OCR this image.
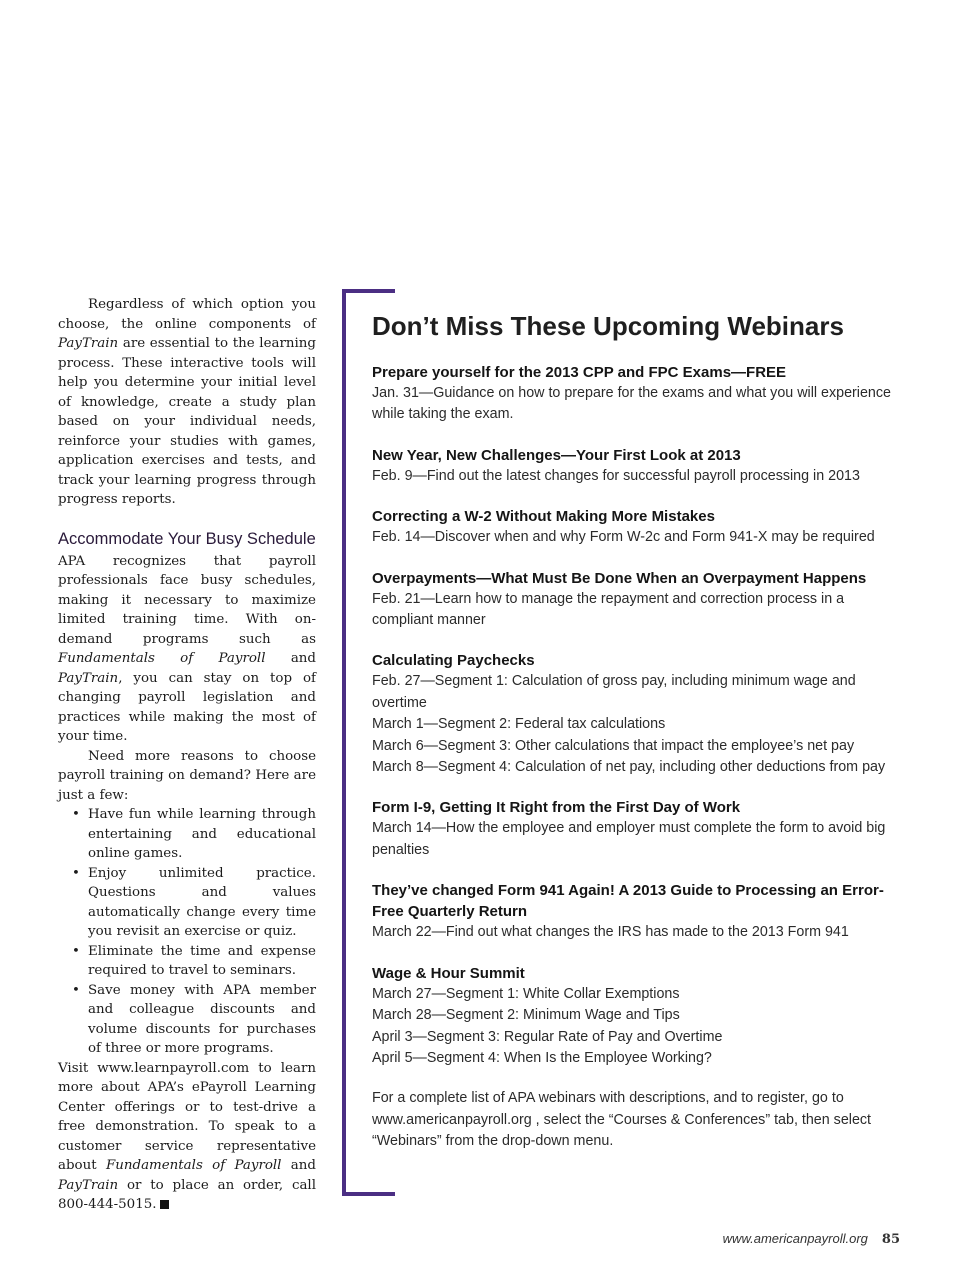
Regardless of which option you choose, the online components of PayTrain are essential to the learning process. These interactive tools will help you determine your initial level of knowledge, create a study plan based on your individual needs, reinforce your studies with games, application exercises and tests, and track your learning progress through progress reports.

Accommodate Your Busy Schedule

APA recognizes that payroll professionals face busy schedules, making it necessary to maximize limited training time. With on-demand programs such as Fundamentals of Payroll and PayTrain, you can stay on top of changing payroll legislation and practices while making the most of your time.

Need more reasons to choose payroll training on demand? Here are just a few:

• Have fun while learning through entertaining and educational online games.
• Enjoy unlimited practice. Questions and values automatically change every time you revisit an exercise or quiz.
• Eliminate the time and expense required to travel to seminars.
• Save money with APA member and colleague discounts and volume discounts for purchases of three or more programs.

Visit www.learnpayroll.com to learn more about APA’s ePayroll Learning Center offerings or to test-drive a free demonstration. To speak to a customer service representative about Fundamentals of Payroll and PayTrain or to place an order, call 800-444-5015.

Don’t Miss These Upcoming Webinars
Prepare yourself for the 2013 CPP and FPC Exams—FREE
Jan. 31—Guidance on how to prepare for the exams and what you will experience while taking the exam.
New Year, New Challenges—Your First Look at 2013
Feb. 9—Find out the latest changes for successful payroll processing in 2013
Correcting a W-2 Without Making More Mistakes
Feb. 14—Discover when and why Form W-2c and Form 941-X may be required
Overpayments—What Must Be Done When an Overpayment Happens
Feb. 21—Learn how to manage the repayment and correction process in a compliant manner
Calculating Paychecks
Feb. 27—Segment 1: Calculation of gross pay, including minimum wage and overtime
March 1—Segment 2: Federal tax calculations
March 6—Segment 3: Other calculations that impact the employee’s net pay
March 8—Segment 4: Calculation of net pay, including other deductions from pay
Form I-9, Getting It Right from the First Day of Work
March 14—How the employee and employer must complete the form to avoid big penalties
They’ve changed Form 941 Again! A 2013 Guide to Processing an Error-Free Quarterly Return
March 22—Find out what changes the IRS has made to the 2013 Form 941
Wage & Hour Summit
March 27—Segment 1: White Collar Exemptions
March 28—Segment 2: Minimum Wage and Tips
April 3—Segment 3: Regular Rate of Pay and Overtime
April 5—Segment 4: When Is the Employee Working?
For a complete list of APA webinars with descriptions, and to register, go to www.americanpayroll.org , select the “Courses & Conferences” tab, then select “Webinars” from the drop-down menu.
www.americanpayroll.org 85
